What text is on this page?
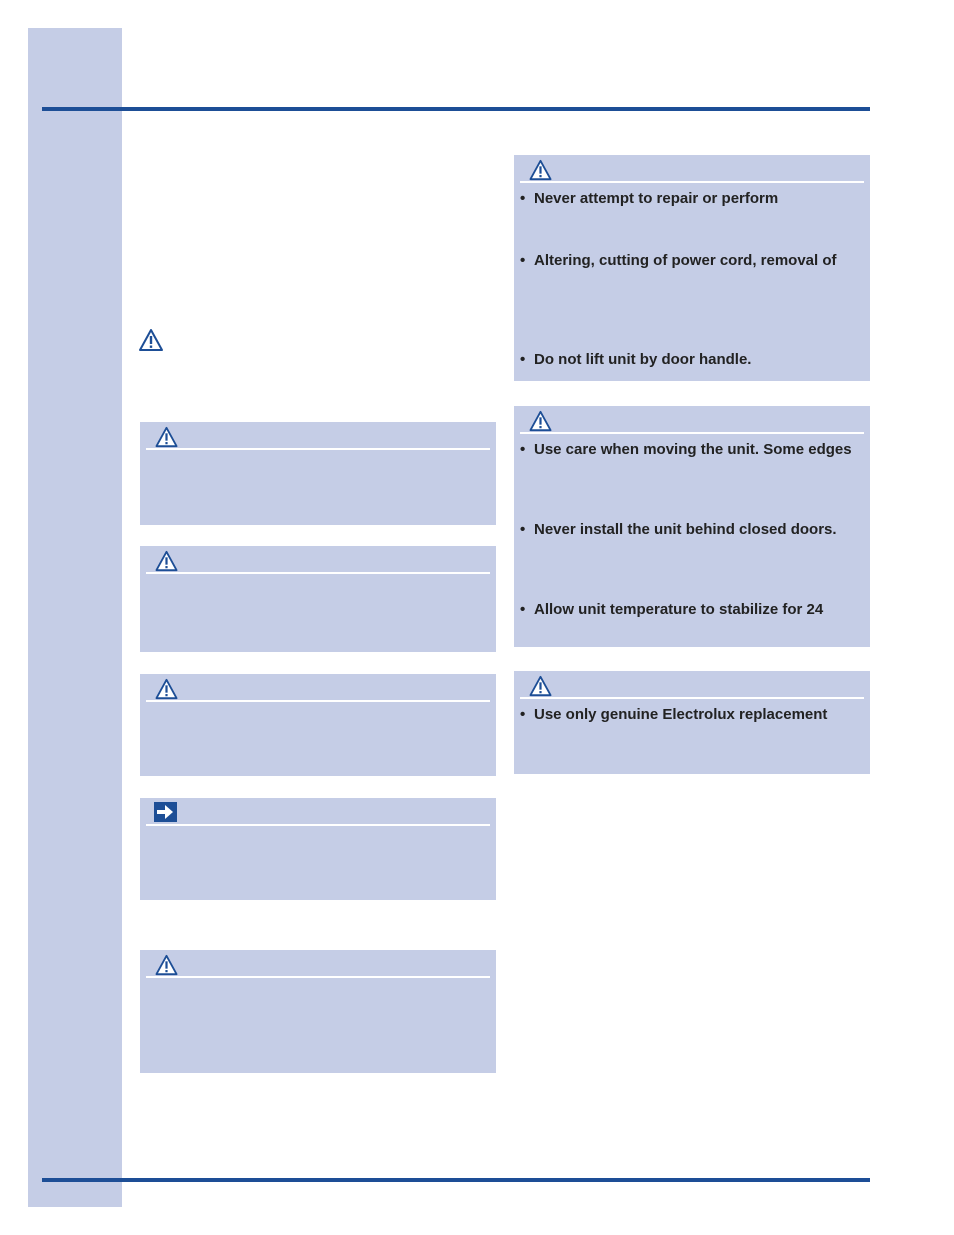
• Never attempt to repair or perform
• Altering, cutting of power cord, removal of
• Do not lift unit by door handle.
• Use care when moving the unit. Some edges
• Never install the unit behind closed doors.
• Allow unit temperature to stabilize for 24
• Use only genuine Electrolux replacement
